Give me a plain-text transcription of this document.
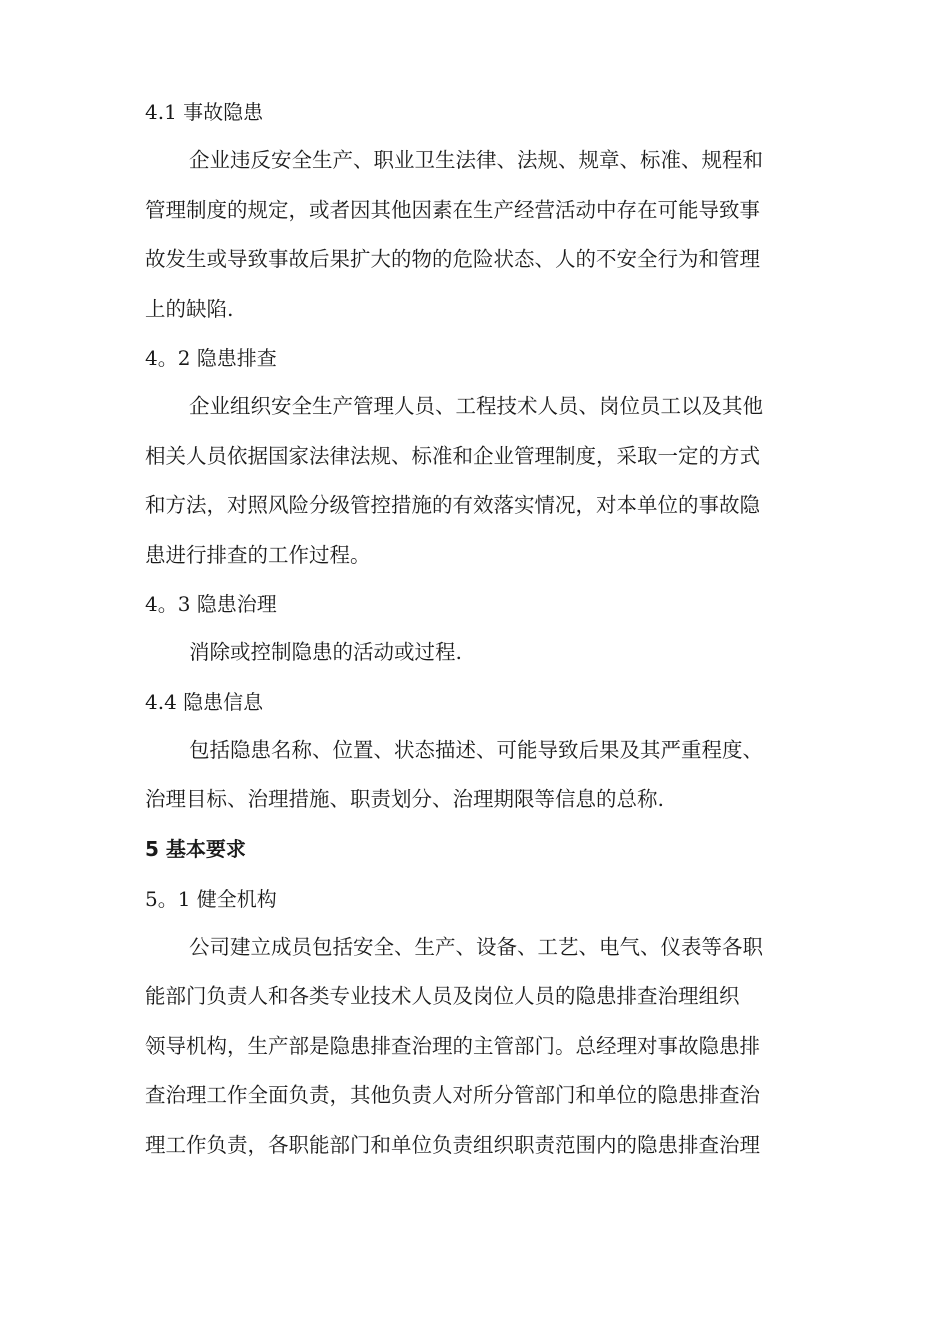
4.1 事故隐患
企业违反安全生产、职业卫生法律、法规、规章、标准、规程和
管理制度的规定，或者因其他因素在生产经营活动中存在可能导致事
故发生或导致事故后果扩大的物的危险状态、人的不安全行为和管理
上的缺陷.
4。2 隐患排查
企业组织安全生产管理人员、工程技术人员、岗位员工以及其他
相关人员依据国家法律法规、标准和企业管理制度，采取一定的方式
和方法，对照风险分级管控措施的有效落实情况，对本单位的事故隐
患进行排查的工作过程。
4。3 隐患治理
消除或控制隐患的活动或过程.
4.4 隐患信息
包括隐患名称、位置、状态描述、可能导致后果及其严重程度、
治理目标、治理措施、职责划分、治理期限等信息的总称.
5 基本要求
5。1 健全机构
公司建立成员包括安全、生产、设备、工艺、电气、仪表等各职
能部门负责人和各类专业技术人员及岗位人员的隐患排查治理组织
领导机构，生产部是隐患排查治理的主管部门。总经理对事故隐患排
查治理工作全面负责，其他负责人对所分管部门和单位的隐患排查治
理工作负责，各职能部门和单位负责组织职责范围内的隐患排查治理
